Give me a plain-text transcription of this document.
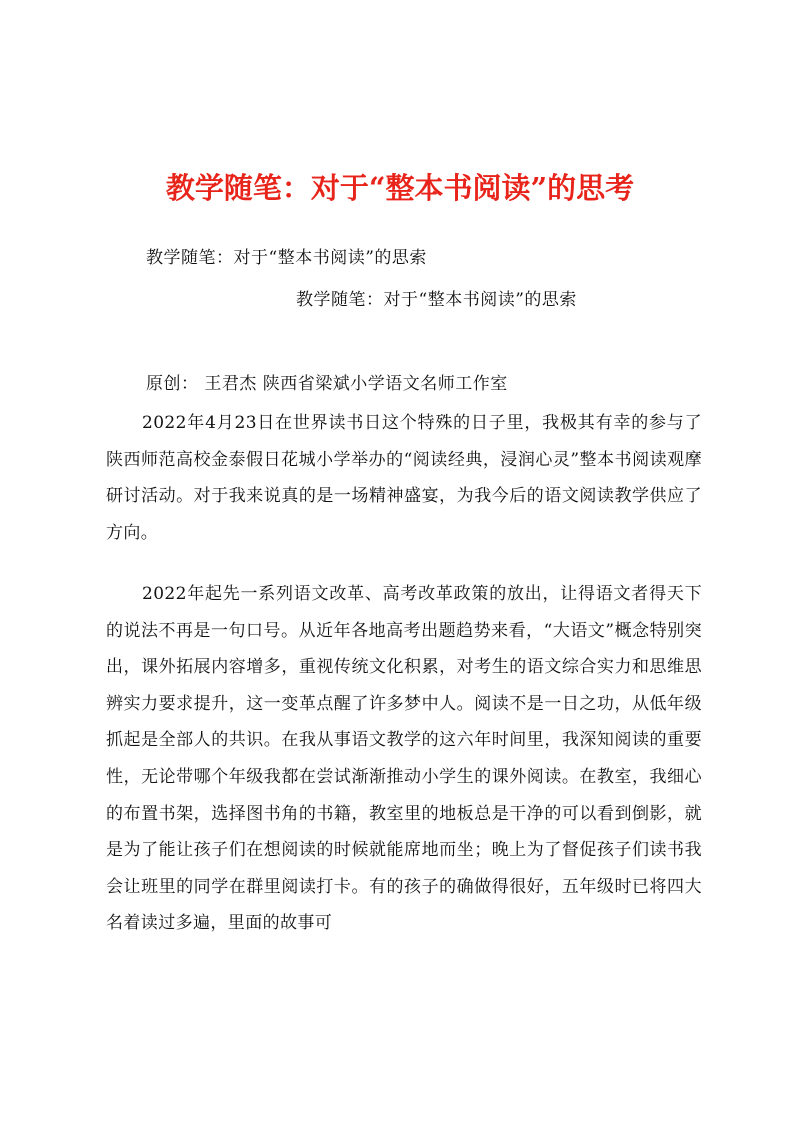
教学随笔：对于“整本书阅读”的思考
教学随笔：对于“整本书阅读”的思索
教学随笔：对于“整本书阅读”的思索
原创： 王君杰 陕西省梁斌小学语文名师工作室

2022年4月23日在世界读书日这个特殊的日子里，我极其有幸的参与了陕西师范高校金泰假日花城小学举办的“阅读经典，浸润心灵”整本书阅读观摩研讨活动。对于我来说真的是一场精神盛宴，为我今后的语文阅读教学供应了方向。

2022年起先一系列语文改革、高考改革政策的放出，让得语文者得天下的说法不再是一句口号。从近年各地高考出题趋势来看，“大语文”概念特别突出，课外拓展内容增多，重视传统文化积累，对考生的语文综合实力和思维思辨实力要求提升，这一变革点醒了许多梦中人。阅读不是一日之功，从低年级抓起是全部人的共识。在我从事语文教学的这六年时间里，我深知阅读的重要性，无论带哪个年级我都在尝试渐渐推动小学生的课外阅读。在教室，我细心的布置书架，选择图书角的书籍，教室里的地板总是干净的可以看到倒影，就是为了能让孩子们在想阅读的时候就能席地而坐；晚上为了督促孩子们读书我会让班里的同学在群里阅读打卡。有的孩子的确做得很好，五年级时已将四大名着读过多遍，里面的故事可
